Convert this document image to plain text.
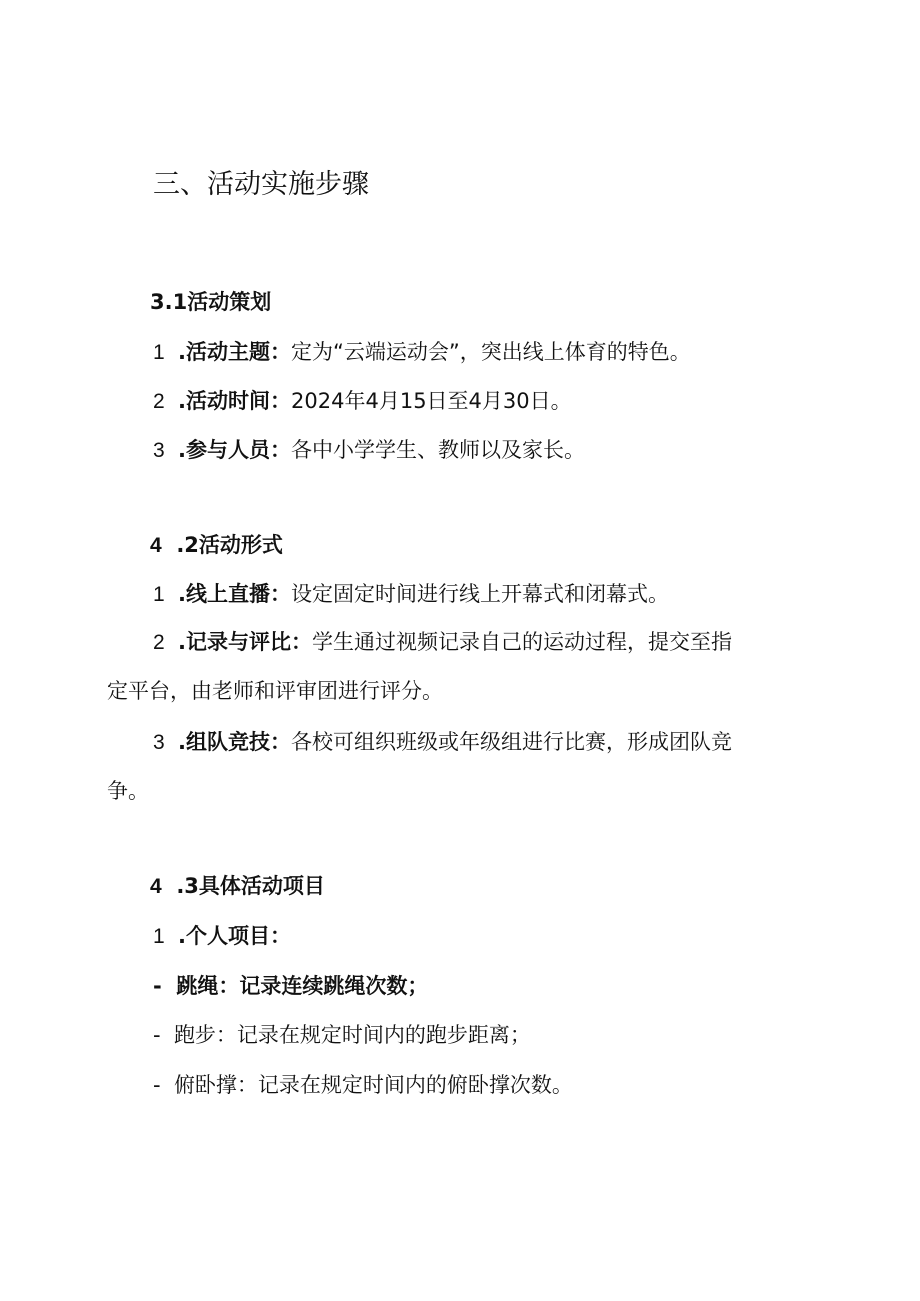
三、活动实施步骤
3.1活动策划
1 .活动主题：定为“云端运动会”，突出线上体育的特色。
2 .活动时间：2024年4月15日至4月30日。
3 .参与人员：各中小学学生、教师以及家长。
4 .2活动形式
1 .线上直播：设定固定时间进行线上开幕式和闭幕式。
2 .记录与评比：学生通过视频记录自己的运动过程，提交至指
定平台，由老师和评审团进行评分。
3 .组队竞技：各校可组织班级或年级组进行比赛，形成团队竞
争。
4 .3具体活动项目
1 .个人项目：
- 跳绳：记录连续跳绳次数；
- 跑步：记录在规定时间内的跑步距离；
- 俯卧撑：记录在规定时间内的俯卧撑次数。
